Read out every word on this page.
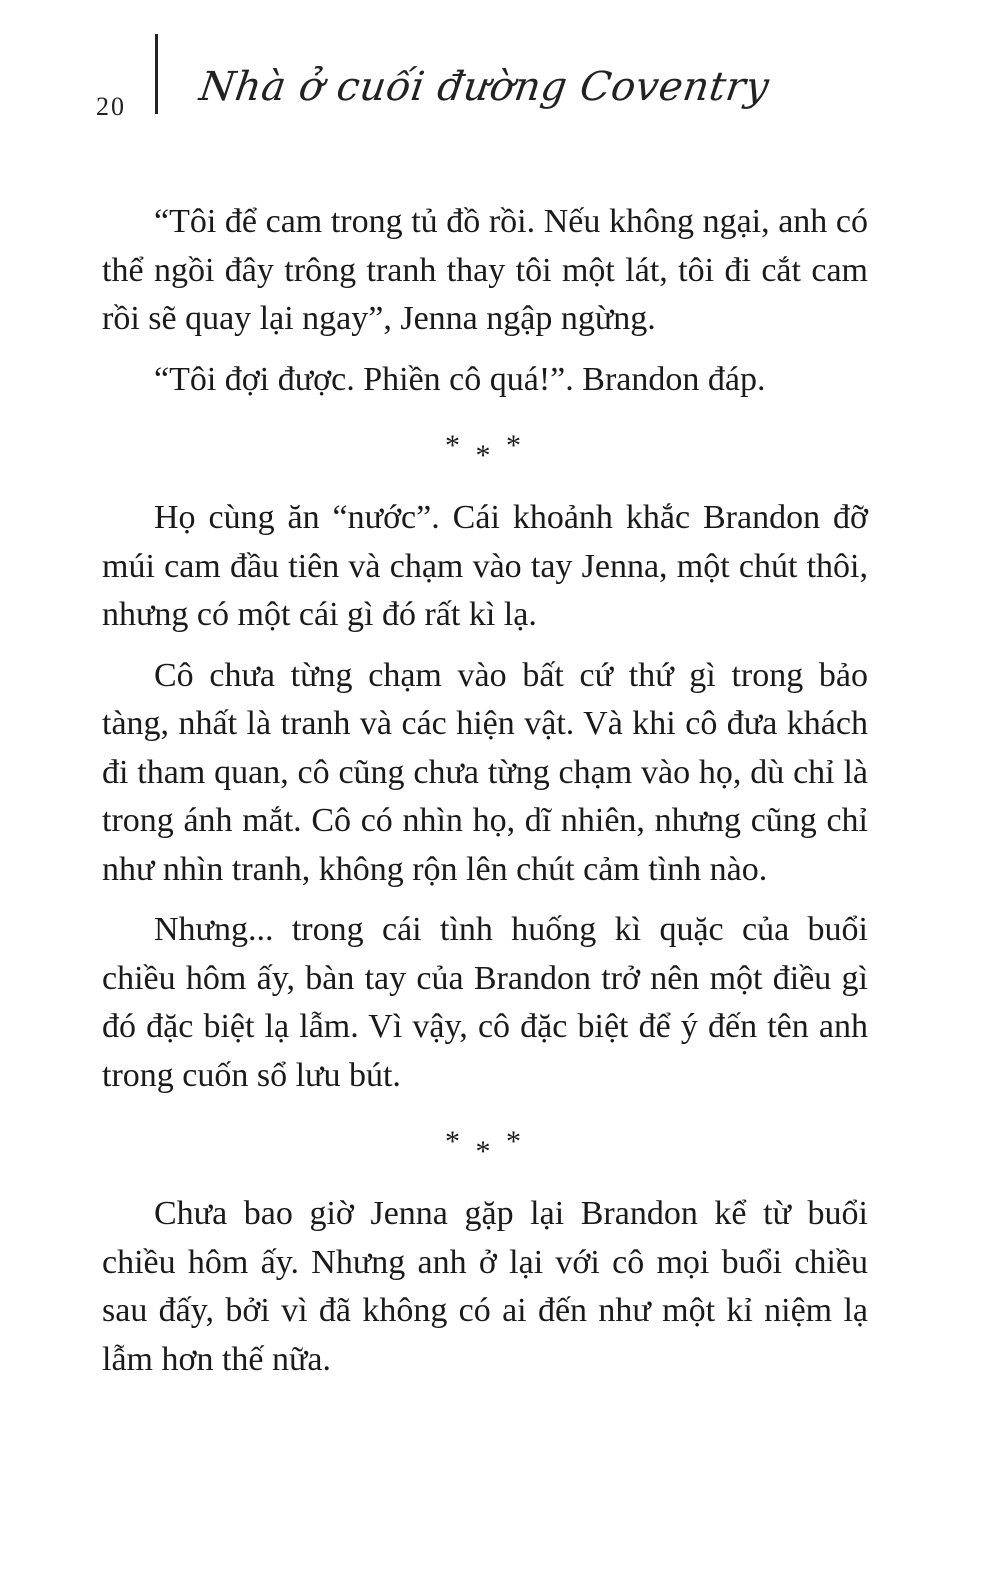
20 Nhà ở cuối đường Coventry

“Tôi để cam trong tủ đồ rồi. Nếu không ngại, anh có thể ngồi đây trông tranh thay tôi một lát, tôi đi cắt cam rồi sẽ quay lại ngay”, Jenna ngập ngừng.

“Tôi đợi được. Phiền cô quá!”. Brandon đáp.

* * *

Họ cùng ăn “nước”. Cái khoảnh khắc Brandon đỡ múi cam đầu tiên và chạm vào tay Jenna, một chút thôi, nhưng có một cái gì đó rất kì lạ.

Cô chưa từng chạm vào bất cứ thứ gì trong bảo tàng, nhất là tranh và các hiện vật. Và khi cô đưa khách đi tham quan, cô cũng chưa từng chạm vào họ, dù chỉ là trong ánh mắt. Cô có nhìn họ, dĩ nhiên, nhưng cũng chỉ như nhìn tranh, không rộn lên chút cảm tình nào.

Nhưng... trong cái tình huống kì quặc của buổi chiều hôm ấy, bàn tay của Brandon trở nên một điều gì đó đặc biệt lạ lẫm. Vì vậy, cô đặc biệt để ý đến tên anh trong cuốn sổ lưu bút.

* * *

Chưa bao giờ Jenna gặp lại Brandon kể từ buổi chiều hôm ấy. Nhưng anh ở lại với cô mọi buổi chiều sau đấy, bởi vì đã không có ai đến như một kỉ niệm lạ lẫm hơn thế nữa.
